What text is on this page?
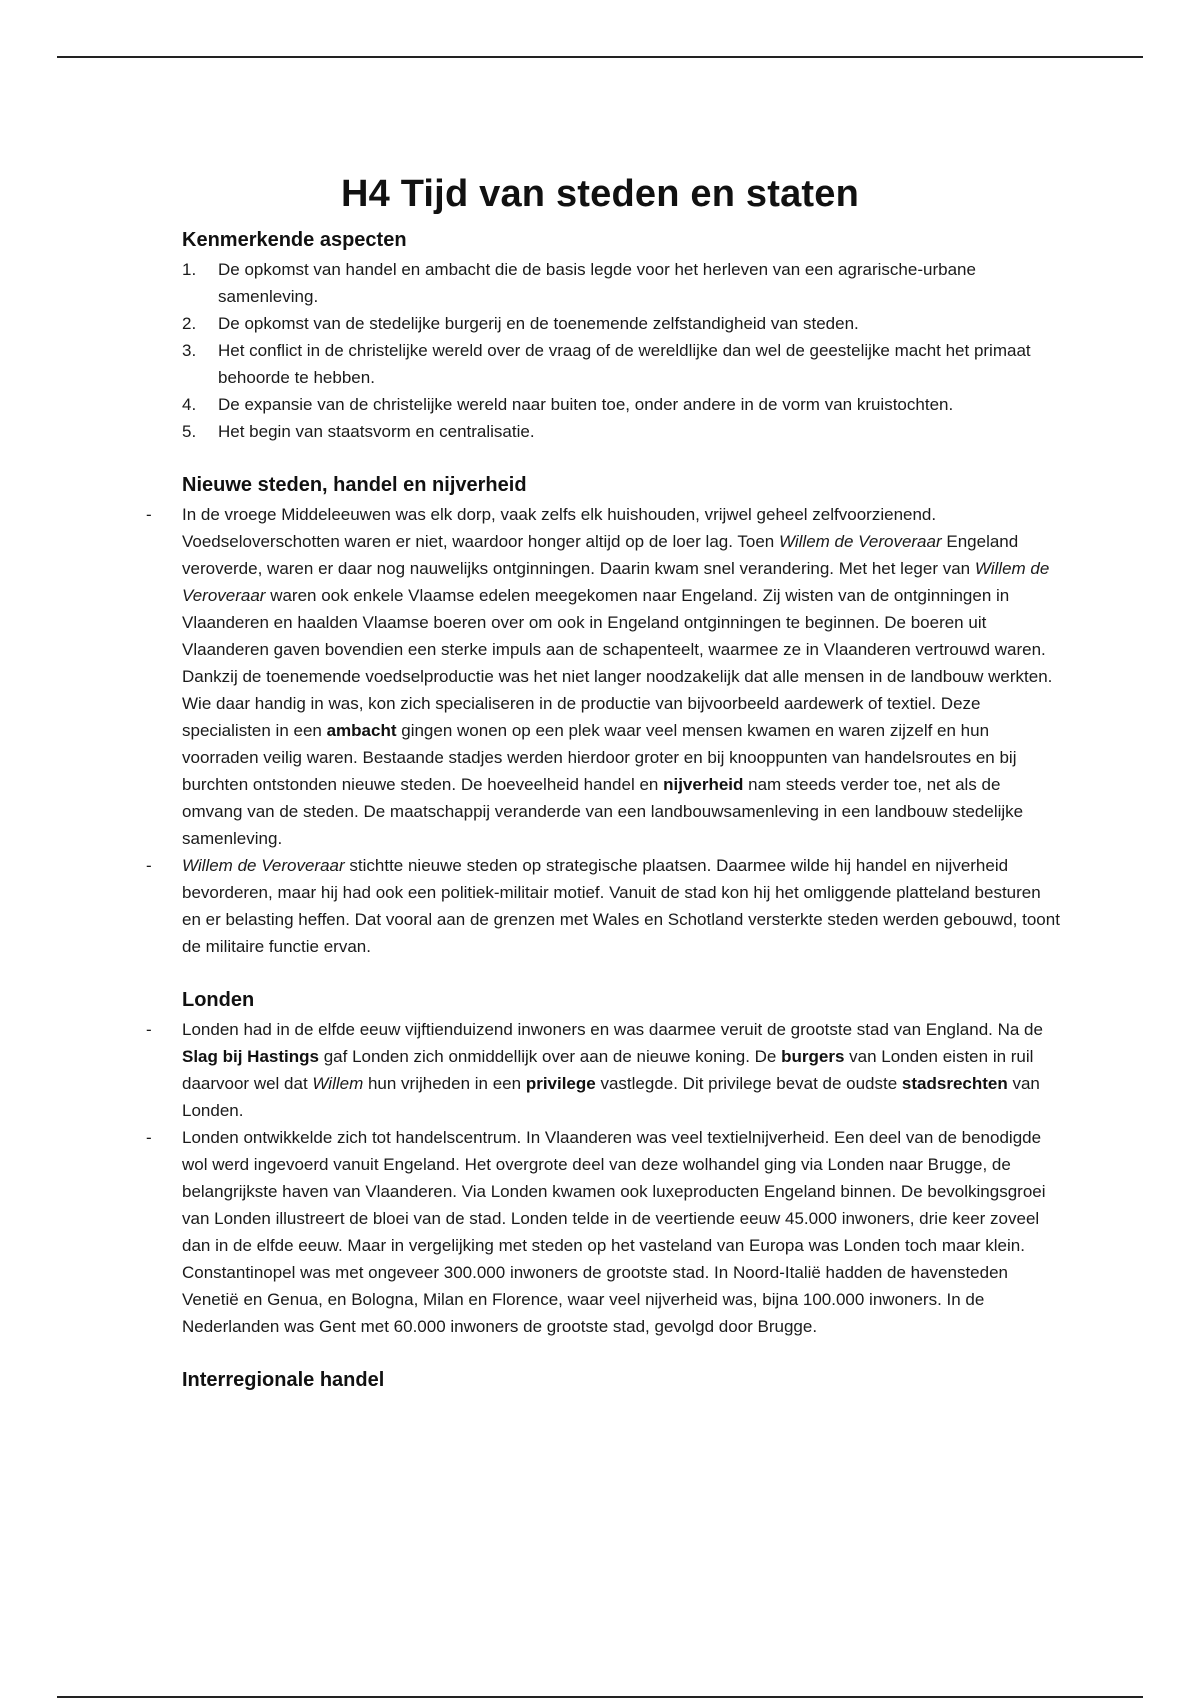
H4 Tijd van steden en staten
Kenmerkende aspecten
1. De opkomst van handel en ambacht die de basis legde voor het herleven van een agrarische-urbane samenleving.
2. De opkomst van de stedelijke burgerij en de toenemende zelfstandigheid van steden.
3. Het conflict in de christelijke wereld over de vraag of de wereldlijke dan wel de geestelijke macht het primaat behoorde te hebben.
4. De expansie van de christelijke wereld naar buiten toe, onder andere in de vorm van kruistochten.
5. Het begin van staatsvorm en centralisatie.
Nieuwe steden, handel en nijverheid
- In de vroege Middeleeuwen was elk dorp, vaak zelfs elk huishouden, vrijwel geheel zelfvoorzienend. Voedseloverschotten waren er niet, waardoor honger altijd op de loer lag. Toen Willem de Veroveraar Engeland veroverde, waren er daar nog nauwelijks ontginningen. Daarin kwam snel verandering. Met het leger van Willem de Veroveraar waren ook enkele Vlaamse edelen meegekomen naar Engeland. Zij wisten van de ontginningen in Vlaanderen en haalden Vlaamse boeren over om ook in Engeland ontginningen te beginnen. De boeren uit Vlaanderen gaven bovendien een sterke impuls aan de schapenteelt, waarmee ze in Vlaanderen vertrouwd waren. Dankzij de toenemende voedselproductie was het niet langer noodzakelijk dat alle mensen in de landbouw werkten. Wie daar handig in was, kon zich specialiseren in de productie van bijvoorbeeld aardewerk of textiel. Deze specialisten in een ambacht gingen wonen op een plek waar veel mensen kwamen en waren zijzelf en hun voorraden veilig waren. Bestaande stadjes werden hierdoor groter en bij knooppunten van handelsroutes en bij burchten ontstonden nieuwe steden. De hoeveelheid handel en nijverheid nam steeds verder toe, net als de omvang van de steden. De maatschappij veranderde van een landbouwsamenleving in een landbouw stedelijke samenleving.
- Willem de Veroveraar stichtte nieuwe steden op strategische plaatsen. Daarmee wilde hij handel en nijverheid bevorderen, maar hij had ook een politiek-militair motief. Vanuit de stad kon hij het omliggende platteland besturen en er belasting heffen. Dat vooral aan de grenzen met Wales en Schotland versterkte steden werden gebouwd, toont de militaire functie ervan.
Londen
- Londen had in de elfde eeuw vijftienduizend inwoners en was daarmee veruit de grootste stad van England. Na de Slag bij Hastings gaf Londen zich onmiddellijk over aan de nieuwe koning. De burgers van Londen eisten in ruil daarvoor wel dat Willem hun vrijheden in een privilege vastlegde. Dit privilege bevat de oudste stadsrechten van Londen.
- Londen ontwikkelde zich tot handelscentrum. In Vlaanderen was veel textielnijverheid. Een deel van de benodigde wol werd ingevoerd vanuit Engeland. Het overgrote deel van deze wolhandel ging via Londen naar Brugge, de belangrijkste haven van Vlaanderen. Via Londen kwamen ook luxeproducten Engeland binnen. De bevolkingsgroei van Londen illustreert de bloei van de stad. Londen telde in de veertiende eeuw 45.000 inwoners, drie keer zoveel dan in de elfde eeuw. Maar in vergelijking met steden op het vasteland van Europa was Londen toch maar klein. Constantinopel was met ongeveer 300.000 inwoners de grootste stad. In Noord-Italië hadden de havensteden Venetië en Genua, en Bologna, Milan en Florence, waar veel nijverheid was, bijna 100.000 inwoners. In de Nederlanden was Gent met 60.000 inwoners de grootste stad, gevolgd door Brugge.
Interregionale handel
